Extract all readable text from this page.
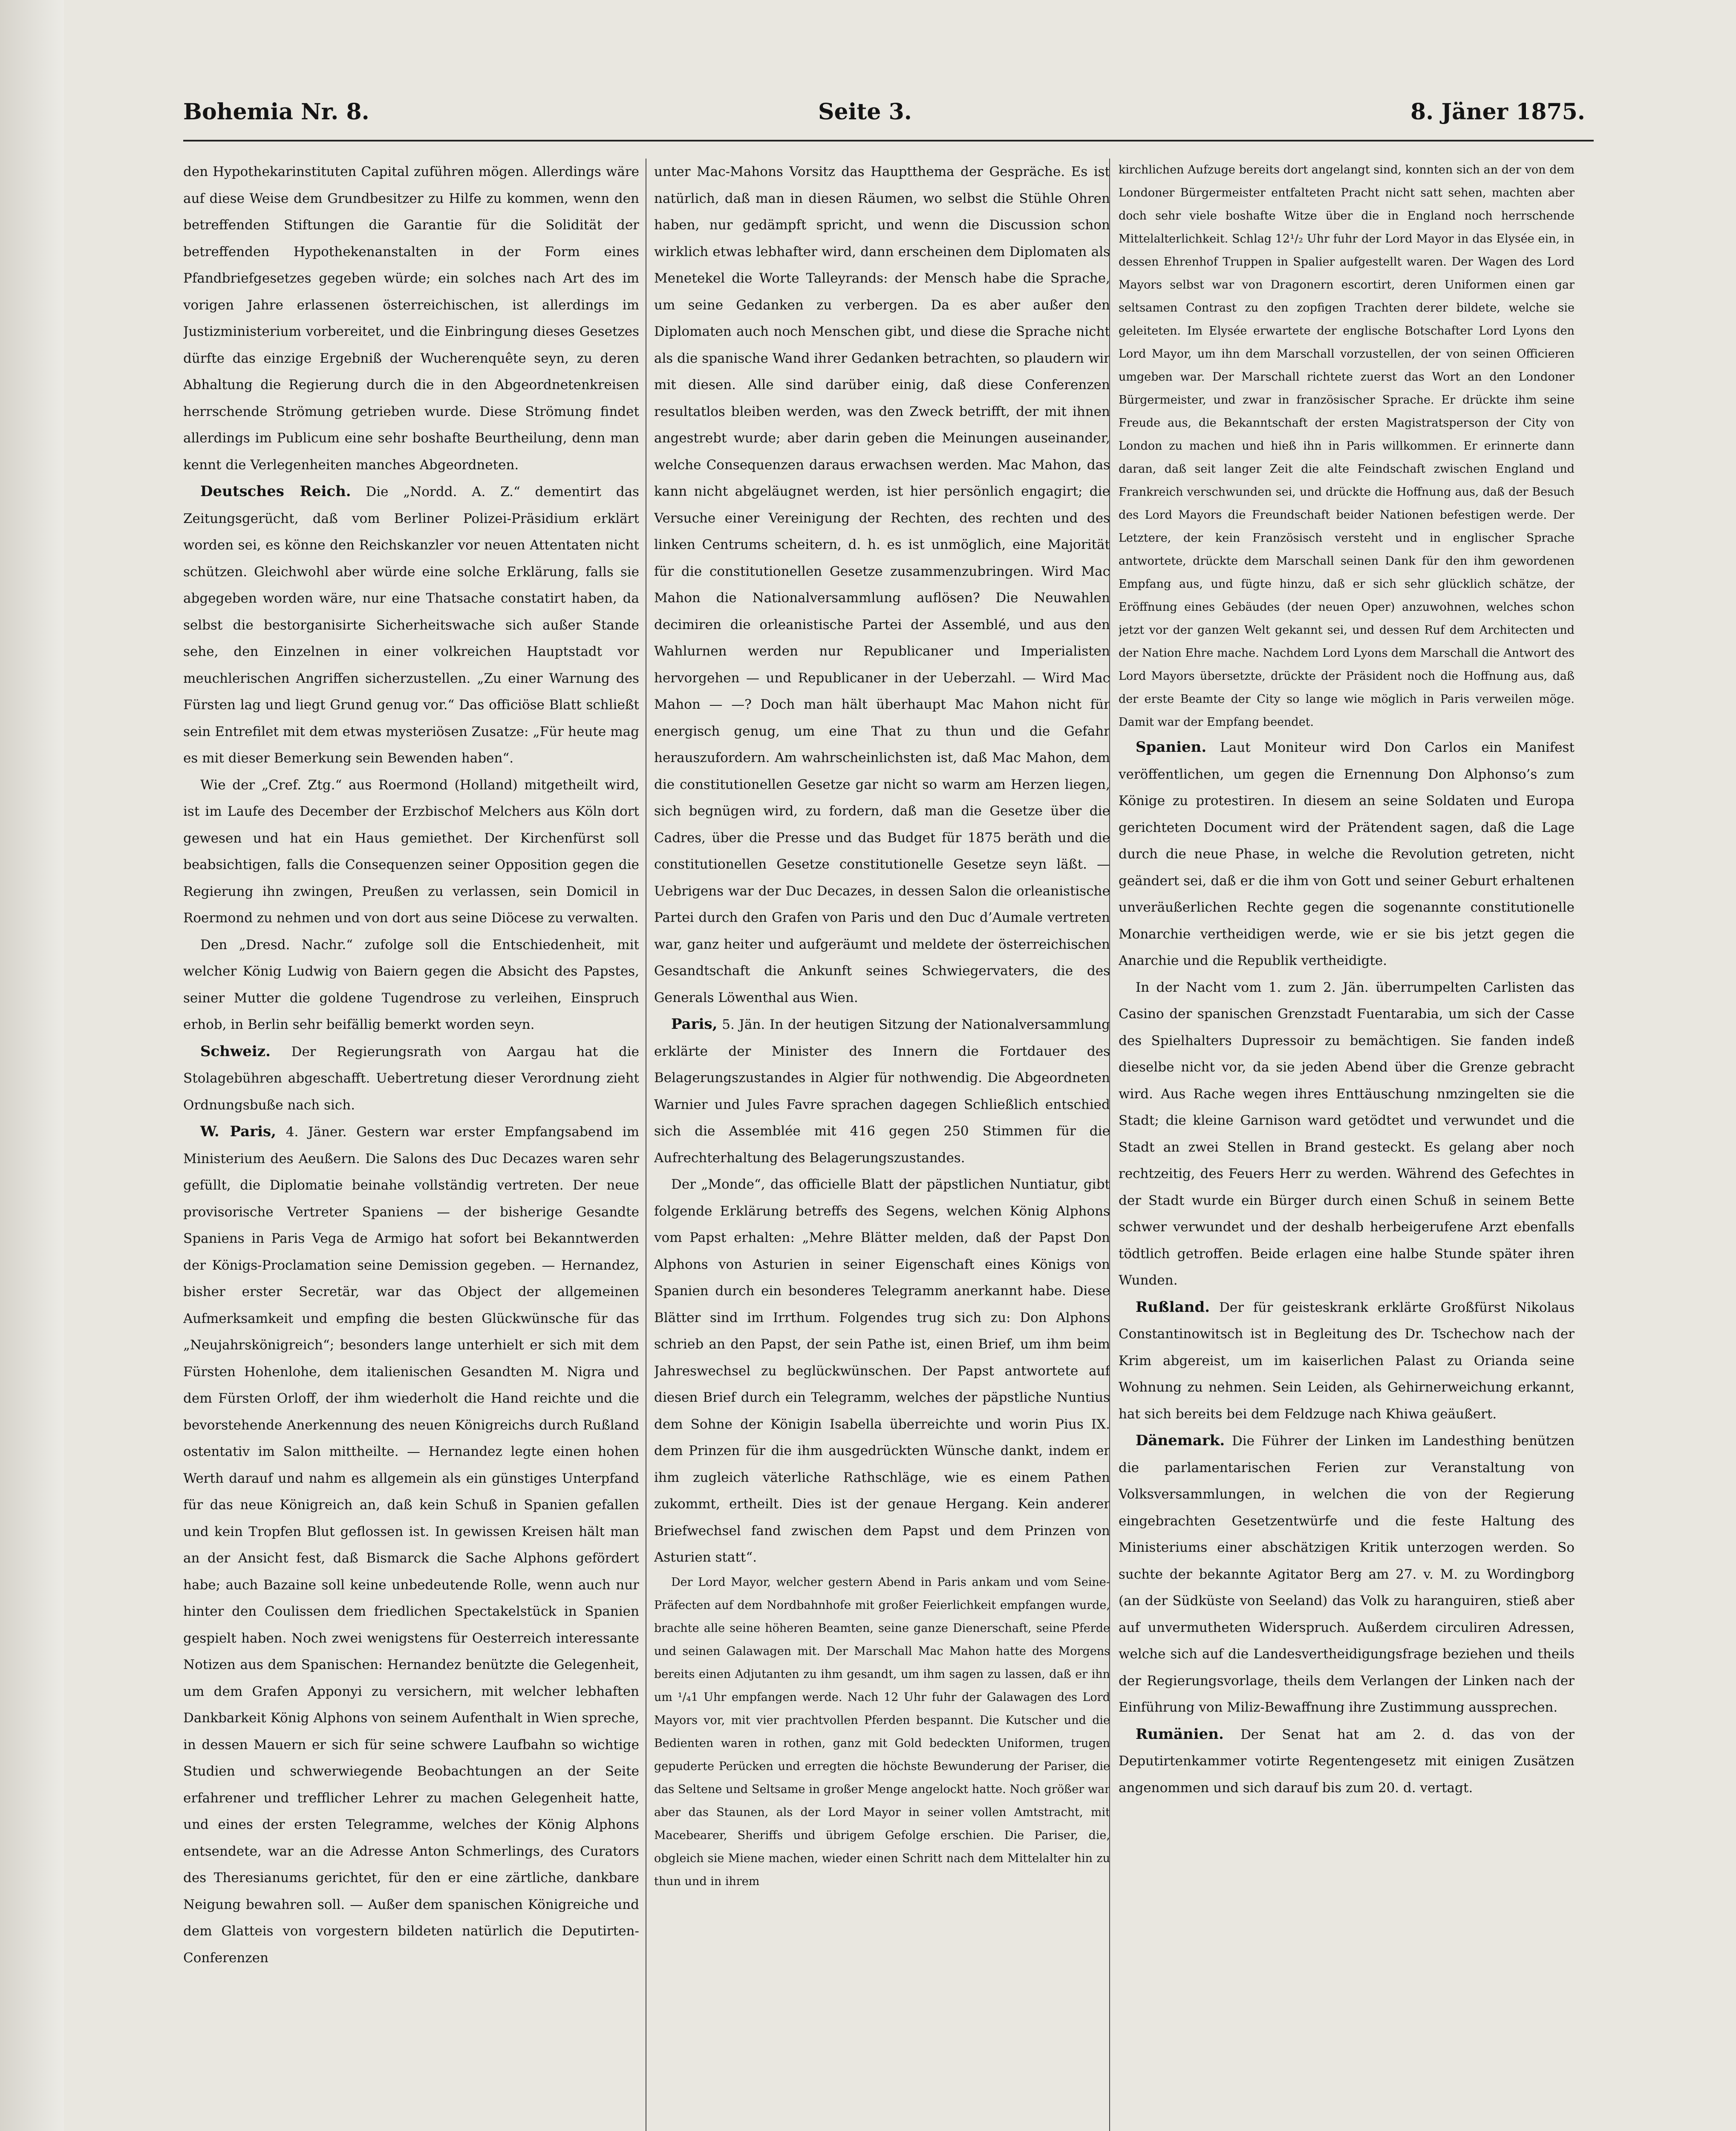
Bohemia Nr. 8.	Seite 3.	8. Jäner 1875.

den Hypothekarinstituten Capital zuführen mögen. Allerdings wäre auf diese Weise dem Grundbesitzer zu Hilfe zu kommen, wenn den betreffenden Stiftungen die Garantie für die Solidität der betreffenden Hypothekenanstalten in der Form eines Pfandbriefgesetzes gegeben würde; ein solches nach Art des im vorigen Jahre erlassenen österreichischen, ist allerdings im Justizministerium vorbereitet, und die Einbringung dieses Gesetzes dürfte das einzige Ergebniß der Wucherenquête seyn, zu deren Abhaltung die Regierung durch die in den Abgeordnetenkreisen herrschende Strömung getrieben wurde. Diese Strömung findet allerdings im Publicum eine sehr boshafte Beurtheilung, denn man kennt die Verlegenheiten manches Abgeordneten.

Deutsches Reich. Die „Nordd. A. Z.“ dementirt das Zeitungsgerücht, daß vom Berliner Polizei-Präsidium erklärt worden sei, es könne den Reichskanzler vor neuen Attentaten nicht schützen. Gleichwohl aber würde eine solche Erklärung, falls sie abgegeben worden wäre, nur eine Thatsache constatirt haben, da selbst die bestorganisirte Sicherheitswache sich außer Stande sehe, den Einzelnen in einer volkreichen Hauptstadt vor meuchlerischen Angriffen sicherzustellen. „Zu einer Warnung des Fürsten lag und liegt Grund genug vor.“ Das officiöse Blatt schließt sein Entrefilet mit dem etwas mysteriösen Zusatze: „Für heute mag es mit dieser Bemerkung sein Bewenden haben“.

Wie der „Cref. Ztg.“ aus Roermond (Holland) mitgetheilt wird, ist im Laufe des December der Erzbischof Melchers aus Köln dort gewesen und hat ein Haus gemiethet. Der Kirchenfürst soll beabsichtigen, falls die Consequenzen seiner Opposition gegen die Regierung ihn zwingen, Preußen zu verlassen, sein Domicil in Roermond zu nehmen und von dort aus seine Diöcese zu verwalten.

Den „Dresd. Nachr.“ zufolge soll die Entschiedenheit, mit welcher König Ludwig von Baiern gegen die Absicht des Papstes, seiner Mutter die goldene Tugendrose zu verleihen, Einspruch erhob, in Berlin sehr beifällig bemerkt worden seyn.

Schweiz. Der Regierungsrath von Aargau hat die Stolagebühren abgeschafft. Uebertretung dieser Verordnung zieht Ordnungsbuße nach sich.

W. Paris, 4. Jäner. Gestern war erster Empfangsabend im Ministerium des Aeußern. Die Salons des Duc Decazes waren sehr gefüllt, die Diplomatie beinahe vollständig vertreten. Der neue provisorische Vertreter Spaniens — der bisherige Gesandte Spaniens in Paris Vega de Armigo hat sofort bei Bekanntwerden der Königs-Proclamation seine Demission gegeben. — Hernandez, bisher erster Secretär, war das Object der allgemeinen Aufmerksamkeit und empfing die besten Glückwünsche für das „Neujahrskönigreich“; besonders lange unterhielt er sich mit dem Fürsten Hohenlohe, dem italienischen Gesandten M. Nigra und dem Fürsten Orloff, der ihm wiederholt die Hand reichte und die bevorstehende Anerkennung des neuen Königreichs durch Rußland ostentativ im Salon mittheilte. — Hernandez legte einen hohen Werth darauf und nahm es allgemein als ein günstiges Unterpfand für das neue Königreich an, daß kein Schuß in Spanien gefallen und kein Tropfen Blut geflossen ist. In gewissen Kreisen hält man an der Ansicht fest, daß Bismarck die Sache Alphons gefördert habe; auch Bazaine soll keine unbedeutende Rolle, wenn auch nur hinter den Coulissen dem friedlichen Spectakelstück in Spanien gespielt haben. Noch zwei wenigstens für Oesterreich interessante Notizen aus dem Spanischen: Hernandez benützte die Gelegenheit, um dem Grafen Apponyi zu versichern, mit welcher lebhaften Dankbarkeit König Alphons von seinem Aufenthalt in Wien spreche, in dessen Mauern er sich für seine schwere Laufbahn so wichtige Studien und schwerwiegende Beobachtungen an der Seite erfahrener und trefflicher Lehrer zu machen Gelegenheit hatte, und eines der ersten Telegramme, welches der König Alphons entsendete, war an die Adresse Anton Schmerlings, des Curators des Theresianums gerichtet, für den er eine zärtliche, dankbare Neigung bewahren soll. — Außer dem spanischen Königreiche und dem Glatteis von vorgestern bildeten natürlich die Deputirten-Conferenzen

unter Mac-Mahons Vorsitz das Hauptthema der Gespräche. Es ist natürlich, daß man in diesen Räumen, wo selbst die Stühle Ohren haben, nur gedämpft spricht, und wenn die Discussion schon wirklich etwas lebhafter wird, dann erscheinen dem Diplomaten als Menetekel die Worte Talleyrands: der Mensch habe die Sprache, um seine Gedanken zu verbergen. Da es aber außer den Diplomaten auch noch Menschen gibt, und diese die Sprache nicht als die spanische Wand ihrer Gedanken betrachten, so plaudern wir mit diesen. Alle sind darüber einig, daß diese Conferenzen resultatlos bleiben werden, was den Zweck betrifft, der mit ihnen angestrebt wurde; aber darin geben die Meinungen auseinander, welche Consequenzen daraus erwachsen werden. Mac Mahon, das kann nicht abgeläugnet werden, ist hier persönlich engagirt; die Versuche einer Vereinigung der Rechten, des rechten und des linken Centrums scheitern, d. h. es ist unmöglich, eine Majorität für die constitutionellen Gesetze zusammenzubringen. Wird Mac Mahon die Nationalversammlung auflösen? Die Neuwahlen decimiren die orleanistische Partei der Assemblé, und aus den Wahlurnen werden nur Republicaner und Imperialisten hervorgehen — und Republicaner in der Ueberzahl. — Wird Mac Mahon — —? Doch man hält überhaupt Mac Mahon nicht für energisch genug, um eine That zu thun und die Gefahr herauszufordern. Am wahrscheinlichsten ist, daß Mac Mahon, dem die constitutionellen Gesetze gar nicht so warm am Herzen liegen, sich begnügen wird, zu fordern, daß man die Gesetze über die Cadres, über die Presse und das Budget für 1875 beräth und die constitutionellen Gesetze constitutionelle Gesetze seyn läßt. — Uebrigens war der Duc Decazes, in dessen Salon die orleanistische Partei durch den Grafen von Paris und den Duc d’Aumale vertreten war, ganz heiter und aufgeräumt und meldete der österreichischen Gesandtschaft die Ankunft seines Schwiegervaters, die des Generals Löwenthal aus Wien.

Paris, 5. Jän. In der heutigen Sitzung der Nationalversammlung erklärte der Minister des Innern die Fortdauer des Belagerungszustandes in Algier für nothwendig. Die Abgeordneten Warnier und Jules Favre sprachen dagegen Schließlich entschied sich die Assemblée mit 416 gegen 250 Stimmen für die Aufrechterhaltung des Belagerungszustandes.

Der „Monde“, das officielle Blatt der päpstlichen Nuntiatur, gibt folgende Erklärung betreffs des Segens, welchen König Alphons vom Papst erhalten: „Mehre Blätter melden, daß der Papst Don Alphons von Asturien in seiner Eigenschaft eines Königs von Spanien durch ein besonderes Telegramm anerkannt habe. Diese Blätter sind im Irrthum. Folgendes trug sich zu: Don Alphons schrieb an den Papst, der sein Pathe ist, einen Brief, um ihm beim Jahreswechsel zu beglückwünschen. Der Papst antwortete auf diesen Brief durch ein Telegramm, welches der päpstliche Nuntius dem Sohne der Königin Isabella überreichte und worin Pius IX. dem Prinzen für die ihm ausgedrückten Wünsche dankt, indem er ihm zugleich väterliche Rathschläge, wie es einem Pathen zukommt, ertheilt. Dies ist der genaue Hergang. Kein anderer Briefwechsel fand zwischen dem Papst und dem Prinzen von Asturien statt“.

Der Lord Mayor, welcher gestern Abend in Paris ankam und vom Seine-Präfecten auf dem Nordbahnhofe mit großer Feierlichkeit empfangen wurde, brachte alle seine höheren Beamten, seine ganze Dienerschaft, seine Pferde und seinen Galawagen mit. Der Marschall Mac Mahon hatte des Morgens bereits einen Adjutanten zu ihm gesandt, um ihm sagen zu lassen, daß er ihn um ¹/₄1 Uhr empfangen werde. Nach 12 Uhr fuhr der Galawagen des Lord Mayors vor, mit vier prachtvollen Pferden bespannt. Die Kutscher und die Bedienten waren in rothen, ganz mit Gold bedeckten Uniformen, trugen gepuderte Perücken und erregten die höchste Bewunderung der Pariser, die das Seltene und Seltsame in großer Menge angelockt hatte. Noch größer war aber das Staunen, als der Lord Mayor in seiner vollen Amtstracht, mit Macebearer, Sheriffs und übrigem Gefolge erschien. Die Pariser, die, obgleich sie Miene machen, wieder einen Schritt nach dem Mittelalter hin zu thun und in ihrem

kirchlichen Aufzuge bereits dort angelangt sind, konnten sich an der von dem Londoner Bürgermeister entfalteten Pracht nicht satt sehen, machten aber doch sehr viele boshafte Witze über die in England noch herrschende Mittelalterlichkeit. Schlag 12¹/₂ Uhr fuhr der Lord Mayor in das Elysée ein, in dessen Ehrenhof Truppen in Spalier aufgestellt waren. Der Wagen des Lord Mayors selbst war von Dragonern escortirt, deren Uniformen einen gar seltsamen Contrast zu den zopfigen Trachten derer bildete, welche sie geleiteten. Im Elysée erwartete der englische Botschafter Lord Lyons den Lord Mayor, um ihn dem Marschall vorzustellen, der von seinen Officieren umgeben war. Der Marschall richtete zuerst das Wort an den Londoner Bürgermeister, und zwar in französischer Sprache. Er drückte ihm seine Freude aus, die Bekanntschaft der ersten Magistratsperson der City von London zu machen und hieß ihn in Paris willkommen. Er erinnerte dann daran, daß seit langer Zeit die alte Feindschaft zwischen England und Frankreich verschwunden sei, und drückte die Hoffnung aus, daß der Besuch des Lord Mayors die Freundschaft beider Nationen befestigen werde. Der Letztere, der kein Französisch versteht und in englischer Sprache antwortete, drückte dem Marschall seinen Dank für den ihm gewordenen Empfang aus, und fügte hinzu, daß er sich sehr glücklich schätze, der Eröffnung eines Gebäudes (der neuen Oper) anzuwohnen, welches schon jetzt vor der ganzen Welt gekannt sei, und dessen Ruf dem Architecten und der Nation Ehre mache. Nachdem Lord Lyons dem Marschall die Antwort des Lord Mayors übersetzte, drückte der Präsident noch die Hoffnung aus, daß der erste Beamte der City so lange wie möglich in Paris verweilen möge. Damit war der Empfang beendet.

Spanien. Laut Moniteur wird Don Carlos ein Manifest veröffentlichen, um gegen die Ernennung Don Alphonso’s zum Könige zu protestiren. In diesem an seine Soldaten und Europa gerichteten Document wird der Prätendent sagen, daß die Lage durch die neue Phase, in welche die Revolution getreten, nicht geändert sei, daß er die ihm von Gott und seiner Geburt erhaltenen unveräußerlichen Rechte gegen die sogenannte constitutionelle Monarchie vertheidigen werde, wie er sie bis jetzt gegen die Anarchie und die Republik vertheidigte.

In der Nacht vom 1. zum 2. Jän. überrumpelten Carlisten das Casino der spanischen Grenzstadt Fuentarabia, um sich der Casse des Spielhalters Dupressoir zu bemächtigen. Sie fanden indeß dieselbe nicht vor, da sie jeden Abend über die Grenze gebracht wird. Aus Rache wegen ihres Enttäuschung nmzingelten sie die Stadt; die kleine Garnison ward getödtet und verwundet und die Stadt an zwei Stellen in Brand gesteckt. Es gelang aber noch rechtzeitig, des Feuers Herr zu werden. Während des Gefechtes in der Stadt wurde ein Bürger durch einen Schuß in seinem Bette schwer verwundet und der deshalb herbeigerufene Arzt ebenfalls tödtlich getroffen. Beide erlagen eine halbe Stunde später ihren Wunden.

Rußland. Der für geisteskrank erklärte Großfürst Nikolaus Constantinowitsch ist in Begleitung des Dr. Tschechow nach der Krim abgereist, um im kaiserlichen Palast zu Orianda seine Wohnung zu nehmen. Sein Leiden, als Gehirnerweichung erkannt, hat sich bereits bei dem Feldzuge nach Khiwa geäußert.

Dänemark. Die Führer der Linken im Landesthing benützen die parlamentarischen Ferien zur Veranstaltung von Volksversammlungen, in welchen die von der Regierung eingebrachten Gesetzentwürfe und die feste Haltung des Ministeriums einer abschätzigen Kritik unterzogen werden. So suchte der bekannte Agitator Berg am 27. v. M. zu Wordingborg (an der Südküste von Seeland) das Volk zu haranguiren, stieß aber auf unvermutheten Widerspruch. Außerdem circuliren Adressen, welche sich auf die Landesvertheidigungsfrage beziehen und theils der Regierungsvorlage, theils dem Verlangen der Linken nach der Einführung von Miliz-Bewaffnung ihre Zustimmung aussprechen.

Rumänien. Der Senat hat am 2. d. das von der Deputirtenkammer votirte Regentengesetz mit einigen Zusätzen angenommen und sich darauf bis zum 20. d. vertagt.
